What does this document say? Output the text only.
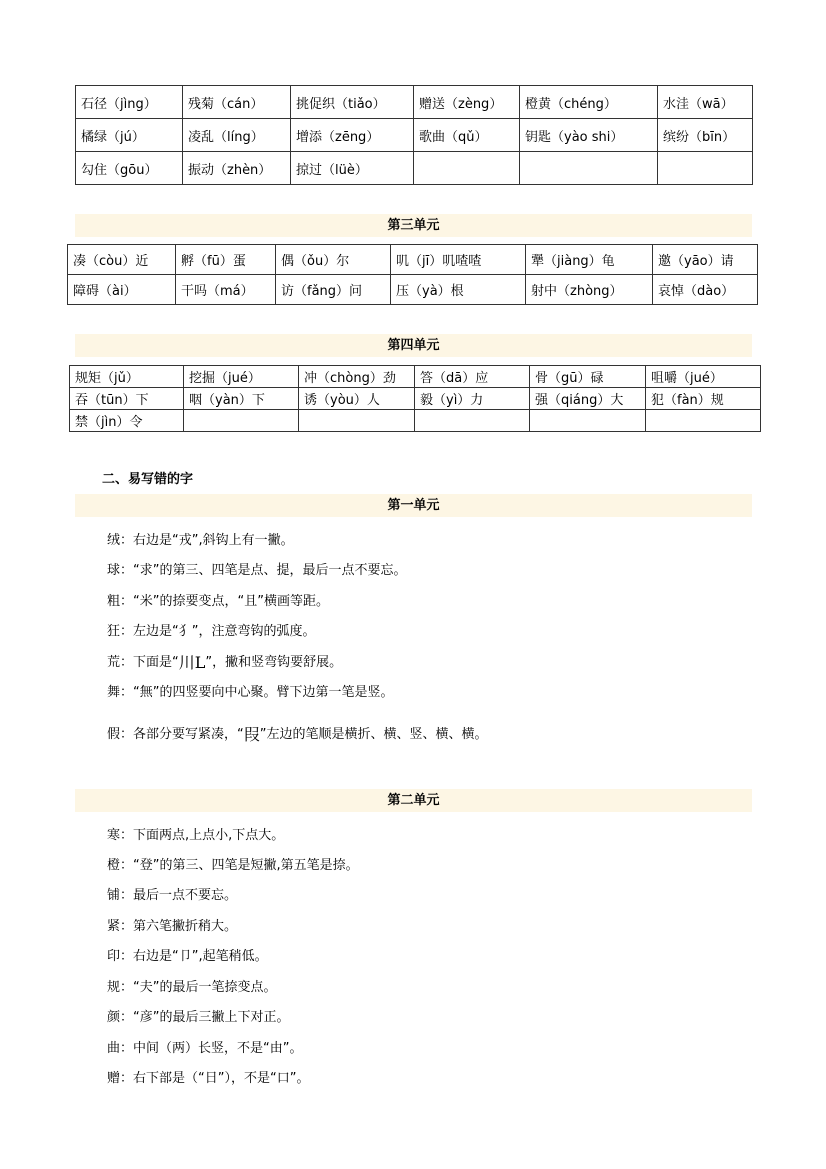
石径（jìng）	残菊（cán）	挑促织（tiǎo）	赠送（zèng）	橙黄（chéng）	水洼（wā）
橘绿（jú）	凌乱（líng）	增添（zēng）	歌曲（qǔ）	钥匙（yào shi）	缤纷（bīn）
勾住（gōu）	振动（zhèn）	掠过（lüè）			
第三单元
凑（còu）近	孵（fū）蛋	偶（ǒu）尔	叽（jī）叽喳喳	犟（jiàng）龟	邀（yāo）请
障碍（ài）	干吗（má）	访（fǎng）问	压（yà）根	射中（zhòng）	哀悼（dào）
第四单元
规矩（jǔ）	挖掘（jué）	冲（chòng）劲	答（dā）应	骨（gū）碌	咀嚼（jué）
吞（tūn）下	咽（yàn）下	诱（yòu）人	毅（yì）力	强（qiáng）大	犯（fàn）规
禁（jìn）令					
二、易写错的字
第一单元
绒：右边是“戎”,斜钩上有一撇。
球：“求”的第三、四笔是点、提，最后一点不要忘。
粗：“米”的捺要变点，“且”横画等距。
狂：左边是“犭”，注意弯钩的弧度。
荒：下面是“川L”，撇和竖弯钩要舒展。
舞：“無”的四竖要向中心聚。臂下边第一笔是竖。
假：各部分要写紧凑，“叚”左边的笔顺是横折、横、竖、横、横。
第二单元
寒：下面两点,上点小,下点大。
橙：“登”的第三、四笔是短撇,第五笔是捺。
铺：最后一点不要忘。
紧：第六笔撇折稍大。
印：右边是“卩”,起笔稍低。
规：“夫”的最后一笔捺变点。
颜：“彦”的最后三撇上下对正。
曲：中间（两）长竖，不是“由”。
赠：右下部是（“日”），不是“口”。
